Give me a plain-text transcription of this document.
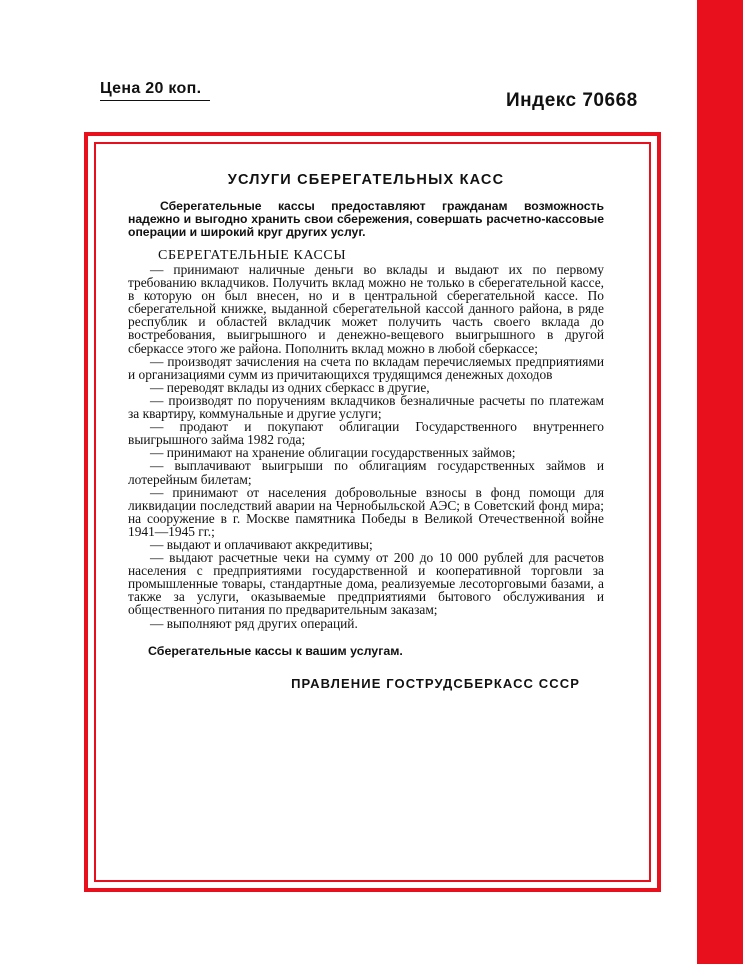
Цена 20 коп.
Индекс 70668
УСЛУГИ СБЕРЕГАТЕЛЬНЫХ КАСС

Сберегательные кассы предоставляют гражданам возможность надежно и выгодно хранить свои сбережения, совершать расчетно-кассовые операции и широкий круг других услуг.

СБЕРЕГАТЕЛЬНЫЕ КАССЫ

— принимают наличные деньги во вклады и выдают их по первому требованию вкладчиков. Получить вклад можно не только в сберегательной кассе, в которую он был внесен, но и в центральной сберегательной кассе. По сберегательной книжке, выданной сберегательной кассой данного района, в ряде республик и областей вкладчик может получить часть своего вклада до востребования, выигрышного и денежно-вещевого выигрышного в другой сберкассе этого же района. Пополнить вклад можно в любой сберкассе;

— производят зачисления на счета по вкладам перечисляемых предприятиями и организациями сумм из причитающихся трудящимся денежных доходов

— переводят вклады из одних сберкасс в другие,

— производят по поручениям вкладчиков безналичные расчеты по платежам за квартиру, коммунальные и другие услуги;

— продают и покупают облигации Государственного внутреннего выигрышного займа 1982 года;

— принимают на хранение облигации государственных займов;

— выплачивают выигрыши по облигациям государственных займов и лотерейным билетам;

— принимают от населения добровольные взносы в фонд помощи для ликвидации последствий аварии на Чернобыльской АЭС; в Советский фонд мира; на сооружение в г. Москве памятника Победы в Великой Отечественной войне 1941—1945 гг.;

— выдают и оплачивают аккредитивы;

— выдают расчетные чеки на сумму от 200 до 10 000 рублей для расчетов населения с предприятиями государственной и кооперативной торговли за промышленные товары, стандартные дома, реализуемые лесоторговыми базами, а также за услуги, оказываемые предприятиями бытового обслуживания и общественного питания по предварительным заказам;

— выполняют ряд других операций.

Сберегательные кассы к вашим услугам.

ПРАВЛЕНИЕ ГОСТРУДСБЕРКАСС СССР
